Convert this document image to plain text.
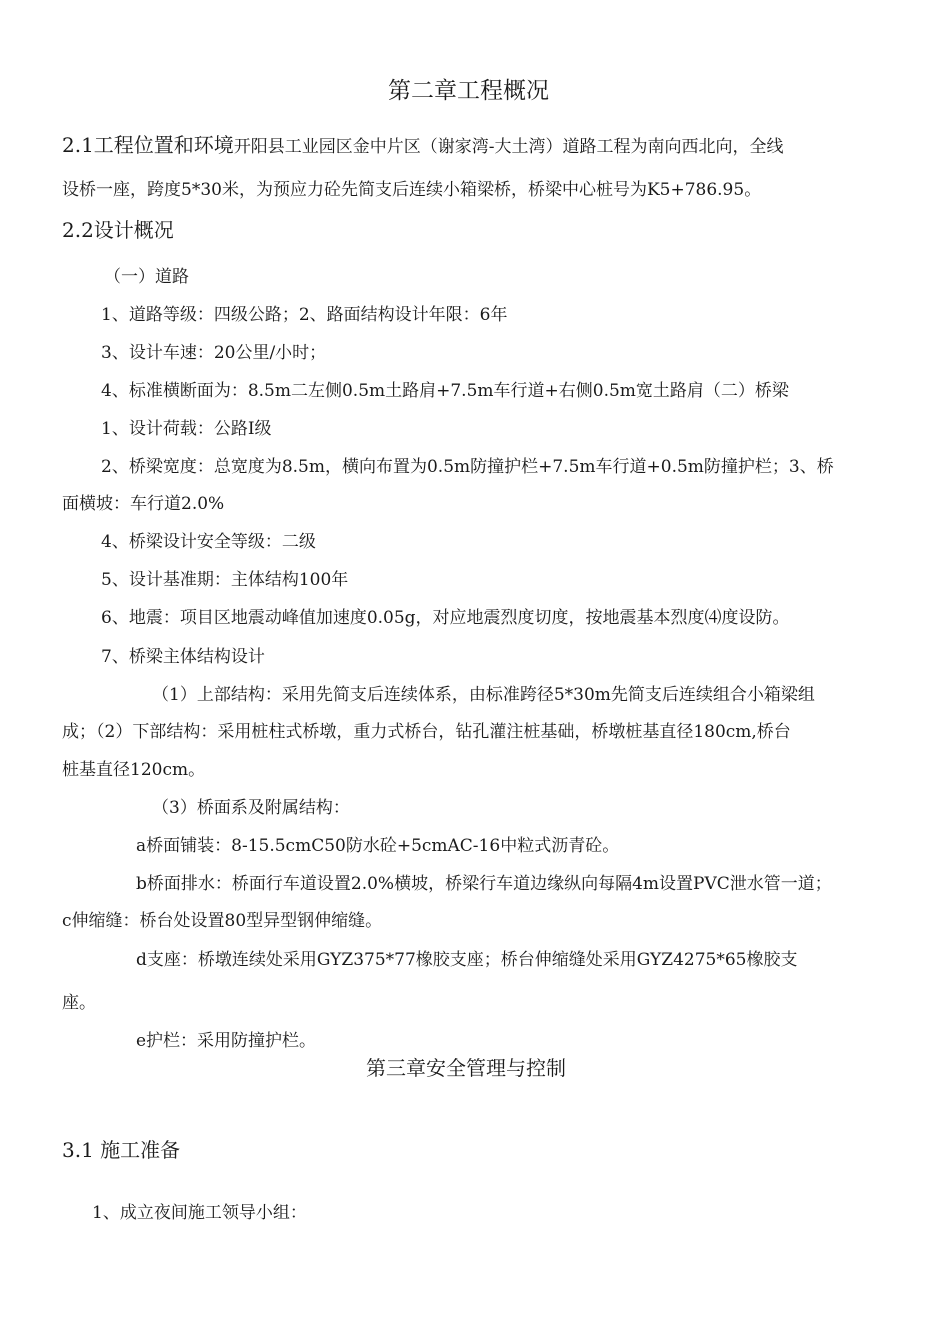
第二章工程概况
2.1工程位置和环境开阳县工业园区金中片区（谢家湾-大土湾）道路工程为南向西北向，全线
设桥一座，跨度5*30米，为预应力砼先简支后连续小箱梁桥，桥梁中心桩号为K5+786.95。
2.2设计概况
（一）道路
1、道路等级：四级公路；2、路面结构设计年限：6年
3、设计车速：20公里/小时；
4、标准横断面为：8.5m二左侧0.5m土路肩+7.5m车行道+右侧0.5m宽土路肩（二）桥梁
1、设计荷载：公路Ⅰ级
2、桥梁宽度：总宽度为8.5m，横向布置为0.5m防撞护栏+7.5m车行道+0.5m防撞护栏；3、桥
面横坡：车行道2.0%
4、桥梁设计安全等级：二级
5、设计基准期：主体结构100年
6、地震：项目区地震动峰值加速度0.05g，对应地震烈度切度，按地震基本烈度⑷度设防。
7、桥梁主体结构设计
（1）上部结构：采用先简支后连续体系，由标准跨径5*30m先简支后连续组合小箱梁组
成；（2）下部结构：采用桩柱式桥墩，重力式桥台，钻孔灌注桩基础，桥墩桩基直径180cm,桥台
桩基直径120cm。
（3）桥面系及附属结构：
a桥面铺装：8-15.5cmC50防水砼+5cmAC-16中粒式沥青砼。
b桥面排水：桥面行车道设置2.0%横坡，桥梁行车道边缘纵向每隔4m设置PVC泄水管一道；
c伸缩缝：桥台处设置80型异型钢伸缩缝。
d支座：桥墩连续处采用GYZ375*77橡胶支座；桥台伸缩缝处采用GYZ4275*65橡胶支
座。
e护栏：采用防撞护栏。
第三章安全管理与控制
3.1 施工准备
1、成立夜间施工领导小组：
